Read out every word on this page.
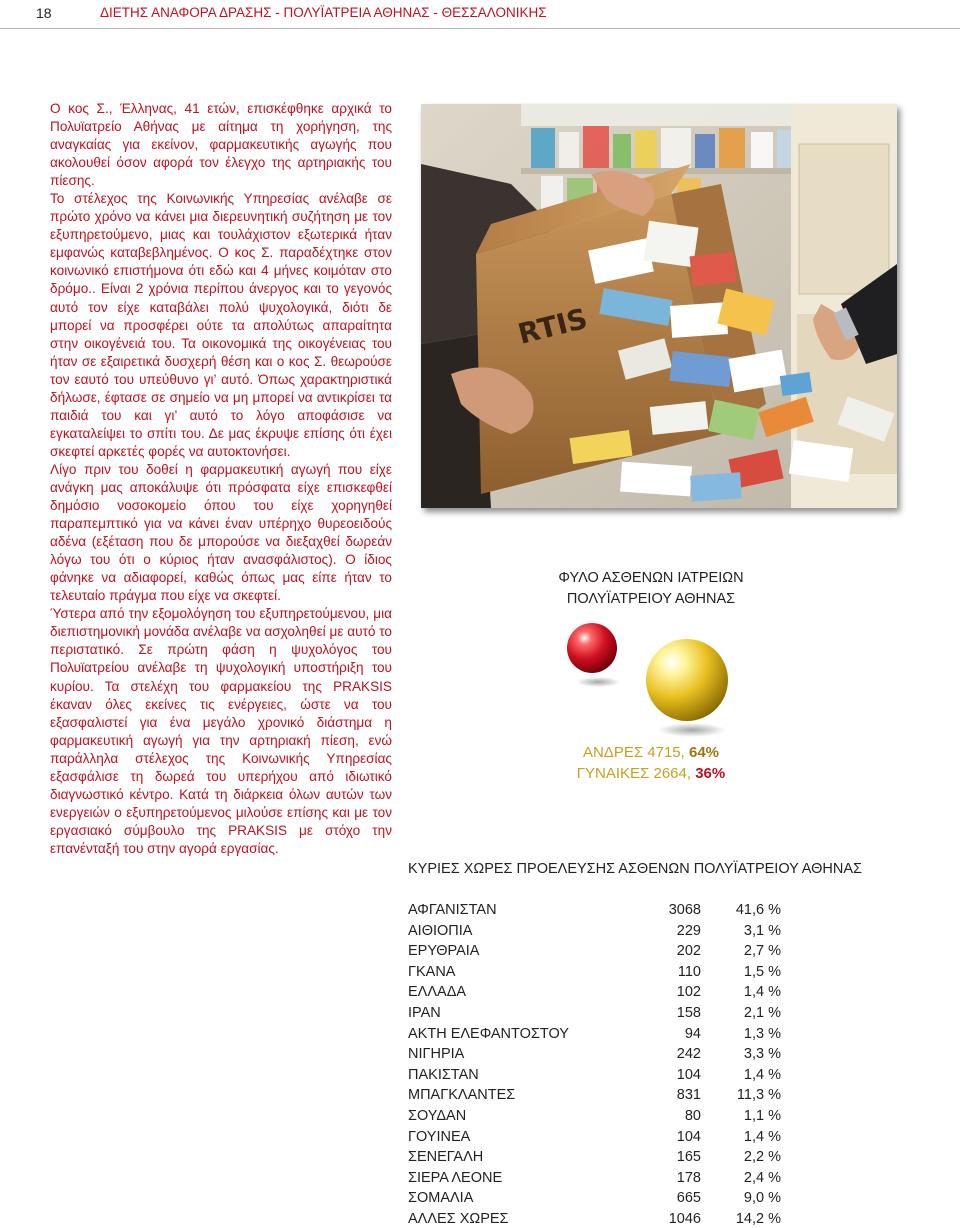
18	ΔΙΕΤΗΣ ΑΝΑΦΟΡΑ ΔΡΑΣΗΣ - ΠΟΛΥΪΑΤΡΕΙΑ ΑΘΗΝΑΣ - ΘΕΣΣΑΛΟΝΙΚΗΣ

Ο κος Σ., Έλληνας, 41 ετών, επισκέφθηκε αρχικά το Πολυϊατρείο Αθήνας με αίτημα τη χορήγηση, της αναγκαίας για εκείνον, φαρμακευτικής αγωγής που ακολουθεί όσον αφορά τον έλεγχο της αρτηριακής του πίεσης.

Το στέλεχος της Κοινωνικής Υπηρεσίας ανέλαβε σε πρώτο χρόνο να κάνει μια διερευνητική συζήτηση με τον εξυπηρετούμενο, μιας και τουλάχιστον εξωτερικά ήταν εμφανώς καταβεβλημένος. Ο κος Σ. παραδέχτηκε στον κοινωνικό επιστήμονα ότι εδώ και 4 μήνες κοιμόταν στο δρόμο.. Είναι 2 χρόνια περίπου άνεργος και το γεγονός αυτό τον είχε καταβάλει πολύ ψυχολογικά, διότι δε μπορεί να προσφέρει ούτε τα απολύτως απαραίτητα στην οικογένειά του. Τα οικονομικά της οικογένειας του ήταν σε εξαιρετικά δυσχερή θέση και ο κος Σ. θεωρούσε τον εαυτό του υπεύθυνο γι’ αυτό. Όπως χαρακτηριστικά δήλωσε, έφτασε σε σημείο να μη μπορεί να αντικρίσει τα παιδιά του και γι’ αυτό το λόγο αποφάσισε να εγκαταλείψει το σπίτι του. Δε μας έκρυψε επίσης ότι έχει σκεφτεί αρκετές φορές να αυτοκτονήσει.

Λίγο πριν του δοθεί η φαρμακευτική αγωγή που είχε ανάγκη μας αποκάλυψε ότι πρόσφατα είχε επισκεφθεί δημόσιο νοσοκομείο όπου του είχε χορηγηθεί παραπεμπτικό για να κάνει έναν υπέρηχο θυρεοειδούς αδένα (εξέταση που δε μπορούσε να διεξαχθεί δωρεάν λόγω του ότι ο κύριος ήταν ανασφάλιστος). Ο ίδιος φάνηκε να αδιαφορεί, καθώς όπως μας είπε ήταν το τελευταίο πράγμα που είχε να σκεφτεί.

Ύστερα από την εξομολόγηση του εξυπηρετούμενου, μια διεπιστημονική μονάδα ανέλαβε να ασχοληθεί με αυτό το περιστατικό. Σε πρώτη φάση η ψυχολόγος του Πολυϊατρείου ανέλαβε τη ψυχολογική υποστήριξη του κυρίου. Τα στελέχη του φαρμακείου της PRAKSIS έκαναν όλες εκείνες τις ενέργειες, ώστε να του εξασφαλιστεί για ένα μεγάλο χρονικό διάστημα η φαρμακευτική αγωγή για την αρτηριακή πίεση, ενώ παράλληλα στέλεχος της Κοινωνικής Υπηρεσίας εξασφάλισε τη δωρεά του υπερήχου από ιδιωτικό διαγνωστικό κέντρο. Κατά τη διάρκεια όλων αυτών των ενεργειών ο εξυπηρετούμενος μιλούσε επίσης και με τον εργασιακό σύμβουλο της PRAKSIS με στόχο την επανένταξή του στην αγορά εργασίας.

RTIS
ΦΥΛΟ ΑΣΘΕΝΩΝ ΙΑΤΡΕΙΩΝ
ΠΟΛΥΪΑΤΡΕΙΟΥ ΑΘΗΝΑΣ
ΑΝΔΡΕΣ 4715, 64%
ΓΥΝΑΙΚΕΣ 2664, 36%
ΚΥΡΙΕΣ ΧΩΡΕΣ ΠΡΟΕΛΕΥΣΗΣ ΑΣΘΕΝΩΝ ΠΟΛΥΪΑΤΡΕΙΟΥ ΑΘΗΝΑΣ
ΑΦΓΑΝΙΣΤΑΝ	3068	41,6 %
ΑΙΘΙΟΠΙΑ	229	3,1 %
ΕΡΥΘΡΑΙΑ	202	2,7 %
ΓΚΑΝΑ	110	1,5 %
ΕΛΛΑΔΑ	102	1,4 %
ΙΡΑΝ	158	2,1 %
ΑΚΤΗ ΕΛΕΦΑΝΤΟΣΤΟΥ	94	1,3 %
ΝΙΓΗΡΙΑ	242	3,3 %
ΠΑΚΙΣΤΑΝ	104	1,4 %
ΜΠΑΓΚΛΑΝΤΕΣ	831	11,3 %
ΣΟΥΔΑΝ	80	1,1 %
ΓΟΥΙΝΕΑ	104	1,4 %
ΣΕΝΕΓΑΛΗ	165	2,2 %
ΣΙΕΡΑ ΛΕΟΝΕ	178	2,4 %
ΣΟΜΑΛΙΑ	665	9,0 %
ΑΛΛΕΣ ΧΩΡΕΣ	1046	14,2 %
